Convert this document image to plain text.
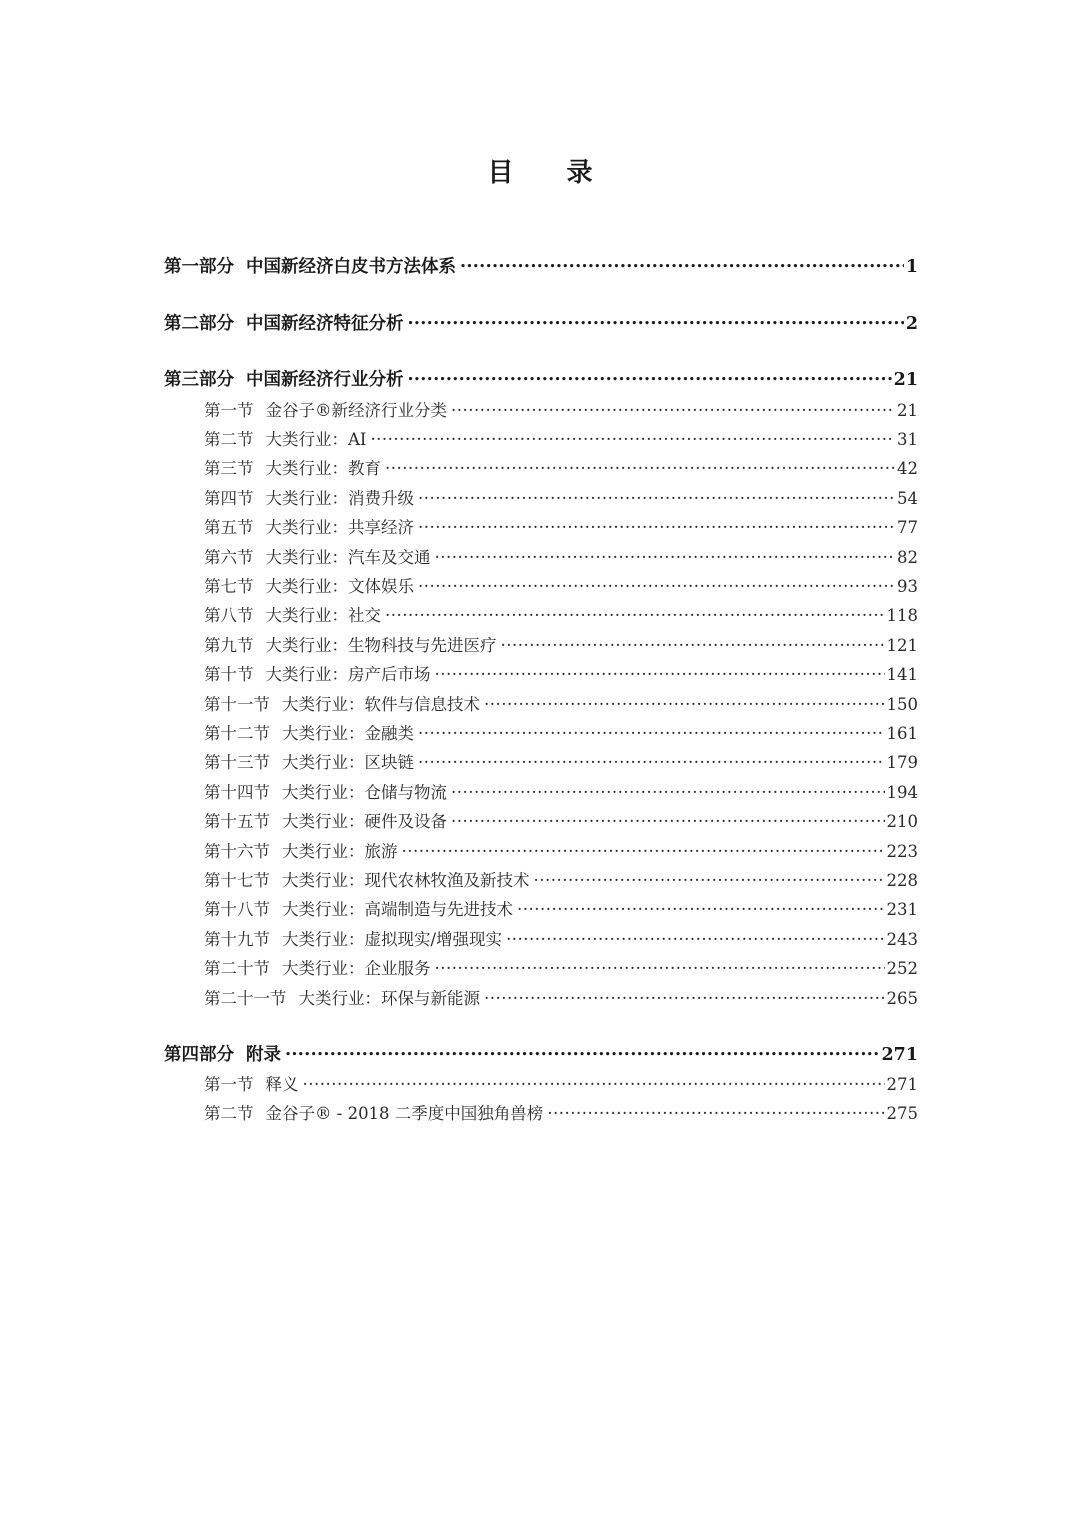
目 录
第一部分 中国新经济白皮书方法体系 .....	1
第二部分 中国新经济特征分析 .....	2
第三部分 中国新经济行业分析 .....	21
第一节 金谷子®新经济行业分类 .....	21
第二节 大类行业：AI .....	31
第三节 大类行业：教育 .....	42
第四节 大类行业：消费升级 .....	54
第五节 大类行业：共享经济 .....	77
第六节 大类行业：汽车及交通 .....	82
第七节 大类行业：文体娱乐 .....	93
第八节 大类行业：社交 .....	118
第九节 大类行业：生物科技与先进医疗 .....	121
第十节 大类行业：房产后市场 .....	141
第十一节 大类行业：软件与信息技术 .....	150
第十二节 大类行业：金融类 .....	161
第十三节 大类行业：区块链 .....	179
第十四节 大类行业：仓储与物流 .....	194
第十五节 大类行业：硬件及设备 .....	210
第十六节 大类行业：旅游 .....	223
第十七节 大类行业：现代农林牧渔及新技术 .....	228
第十八节 大类行业：高端制造与先进技术 .....	231
第十九节 大类行业：虚拟现实/增强现实 .....	243
第二十节 大类行业：企业服务 .....	252
第二十一节 大类行业：环保与新能源 .....	265
第四部分 附录 .....	271
第一节 释义 .....	271
第二节 金谷子® - 2018 二季度中国独角兽榜 .....	275
